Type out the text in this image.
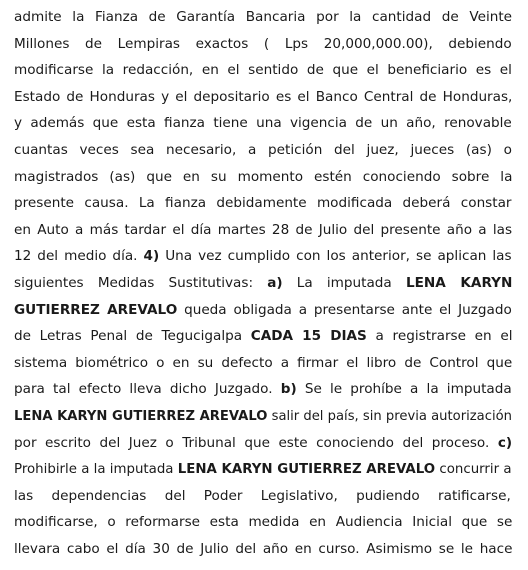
admite la Fianza de Garantía Bancaria por la cantidad de Veinte
Millones de Lempiras exactos ( Lps 20,000,000.00), debiendo
modificarse la redacción, en el sentido de que el beneficiario es el
Estado de Honduras y el depositario es el Banco Central de Honduras,
y además que esta fianza tiene una vigencia de un año, renovable
cuantas veces sea necesario, a petición del juez, jueces (as) o
magistrados (as) que en su momento estén conociendo sobre la
presente causa. La fianza debidamente modificada deberá constar
en Auto a más tardar el día martes 28 de Julio del presente año a las
12 del medio día. 4) Una vez cumplido con los anterior, se aplican las
siguientes Medidas Sustitutivas: a) La imputada LENA KARYN
GUTIERREZ AREVALO queda obligada a presentarse ante el Juzgado
de Letras Penal de Tegucigalpa CADA 15 DIAS a registrarse en el
sistema biométrico o en su defecto a firmar el libro de Control que
para tal efecto lleva dicho Juzgado. b) Se le prohíbe a la imputada
LENA KARYN GUTIERREZ AREVALO salir del país, sin previa autorización
por escrito del Juez o Tribunal que este conociendo del proceso. c)
Prohibirle a la imputada LENA KARYN GUTIERREZ AREVALO concurrir a
las dependencias del Poder Legislativo, pudiendo ratificarse,
modificarse, o reformarse esta medida en Audiencia Inicial que se
llevara cabo el día 30 de Julio del año en curso. Asimismo se le hace
